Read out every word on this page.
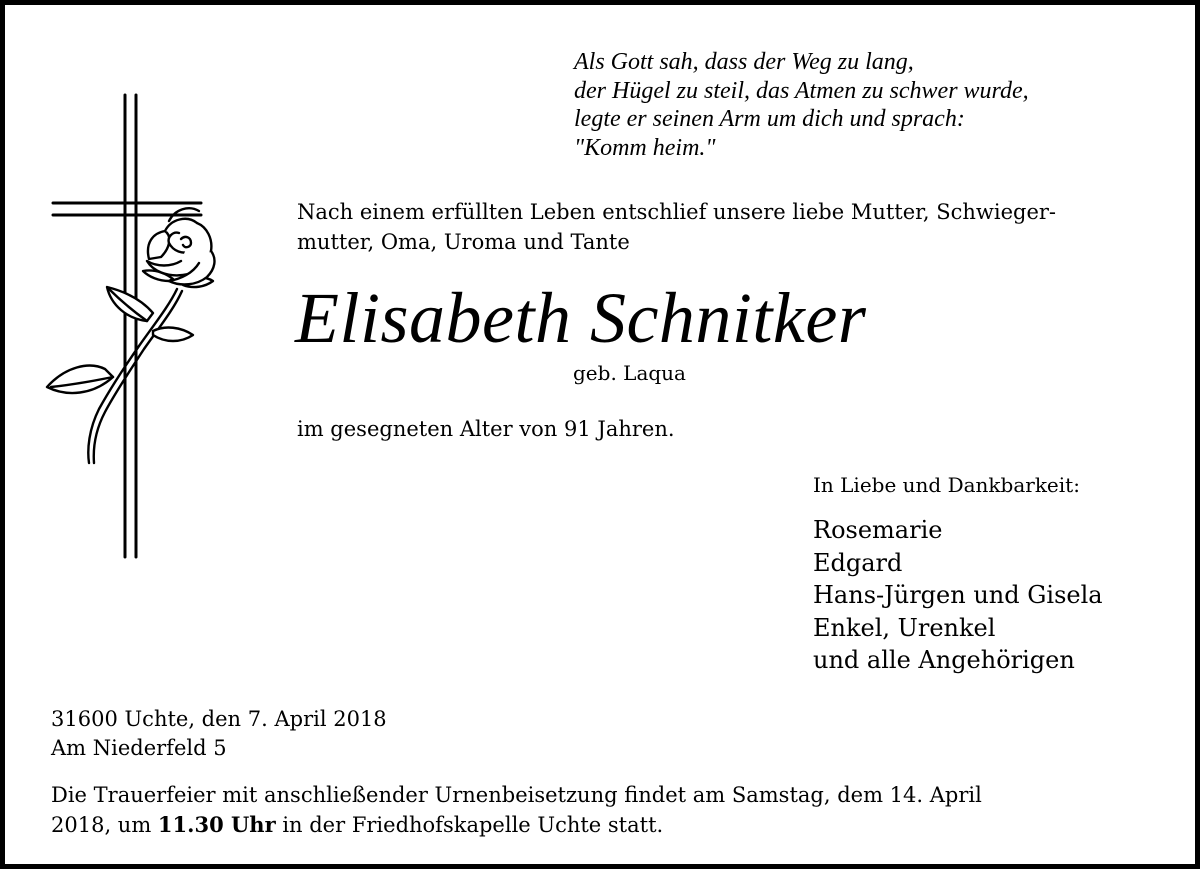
Als Gott sah, dass der Weg zu lang,
der Hügel zu steil, das Atmen zu schwer wurde,
legte er seinen Arm um dich und sprach:
"Komm heim."
Nach einem erfüllten Leben entschlief unsere liebe Mutter, Schwieger-
mutter, Oma, Uroma und Tante
Elisabeth Schnitker
geb. Laqua
im gesegneten Alter von 91 Jahren.
In Liebe und Dankbarkeit:
Rosemarie
Edgard
Hans-Jürgen und Gisela
Enkel, Urenkel
und alle Angehörigen
31600 Uchte, den 7. April 2018
Am Niederfeld 5
Die Trauerfeier mit anschließender Urnenbeisetzung findet am Samstag, dem 14. April
2018, um 11.30 Uhr in der Friedhofskapelle Uchte statt.
